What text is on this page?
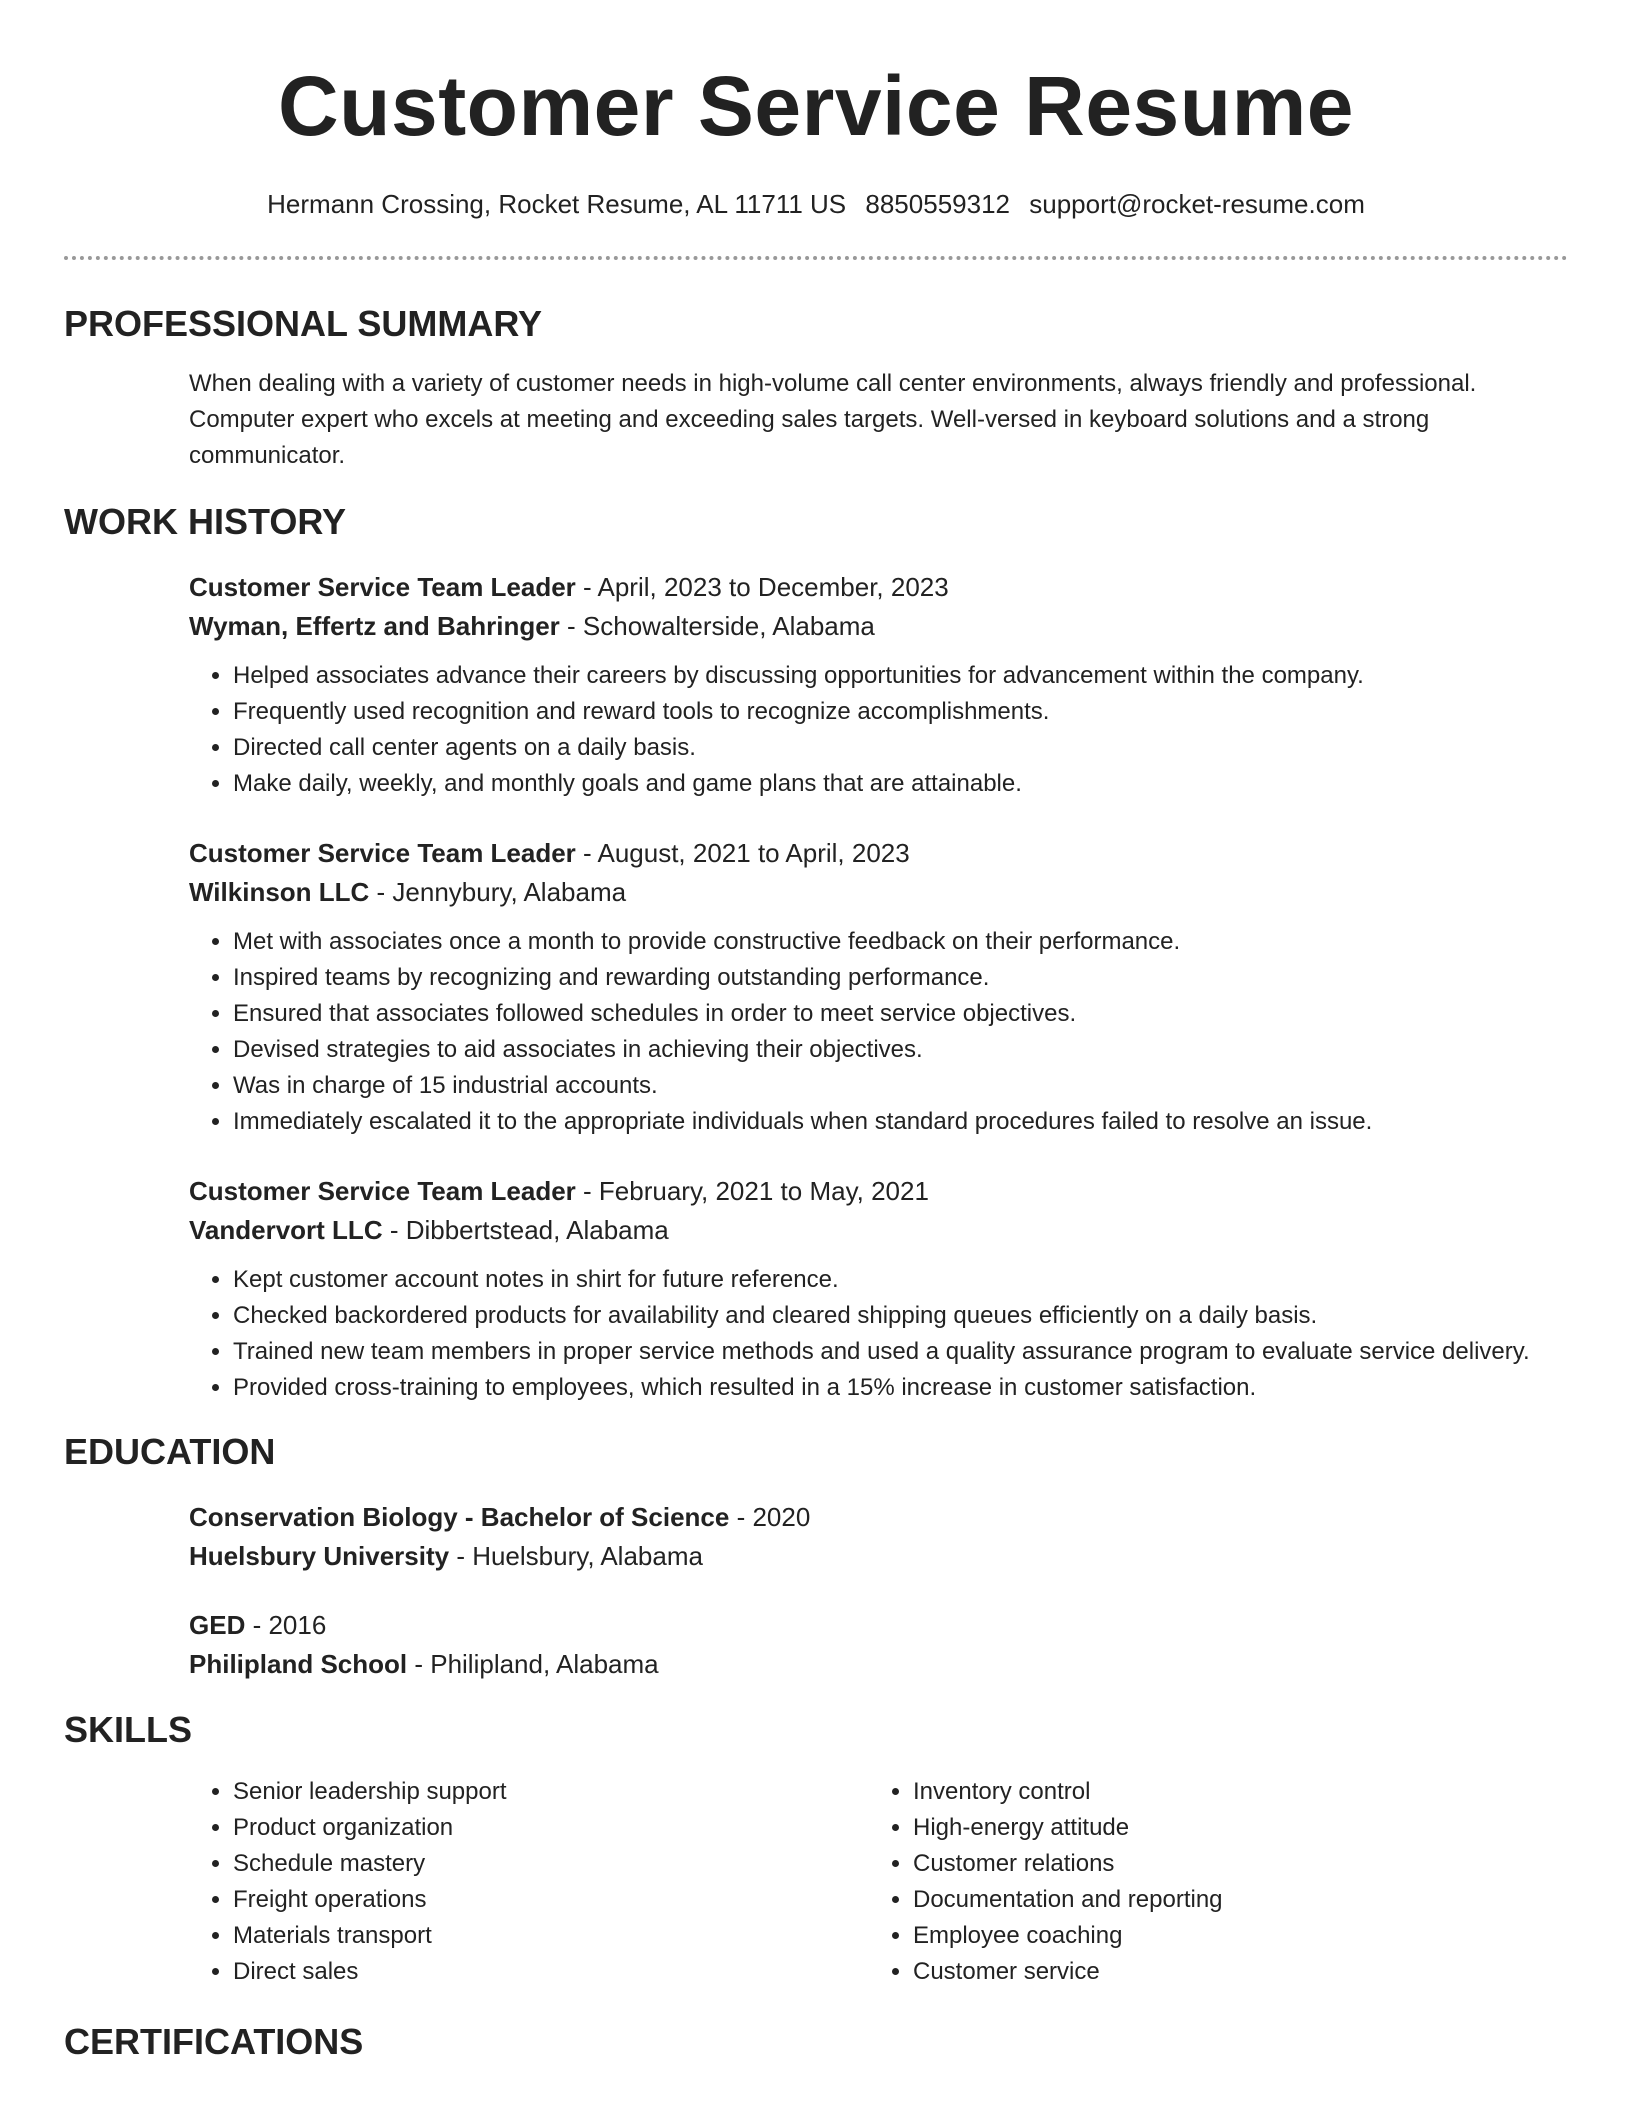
Customer Service Resume
Hermann Crossing, Rocket Resume, AL 11711 US 8850559312 support@rocket-resume.com
PROFESSIONAL SUMMARY

When dealing with a variety of customer needs in high-volume call center environments, always friendly and professional. Computer expert who excels at meeting and exceeding sales targets. Well-versed in keyboard solutions and a strong communicator.

WORK HISTORY
Customer Service Team Leader - April, 2023 to December, 2023
Wyman, Effertz and Bahringer - Schowalterside, Alabama
• Helped associates advance their careers by discussing opportunities for advancement within the company.
• Frequently used recognition and reward tools to recognize accomplishments.
• Directed call center agents on a daily basis.
• Make daily, weekly, and monthly goals and game plans that are attainable.
Customer Service Team Leader - August, 2021 to April, 2023
Wilkinson LLC - Jennybury, Alabama
• Met with associates once a month to provide constructive feedback on their performance.
• Inspired teams by recognizing and rewarding outstanding performance.
• Ensured that associates followed schedules in order to meet service objectives.
• Devised strategies to aid associates in achieving their objectives.
• Was in charge of 15 industrial accounts.
• Immediately escalated it to the appropriate individuals when standard procedures failed to resolve an issue.
Customer Service Team Leader - February, 2021 to May, 2021
Vandervort LLC - Dibbertstead, Alabama
• Kept customer account notes in shirt for future reference.
• Checked backordered products for availability and cleared shipping queues efficiently on a daily basis.
• Trained new team members in proper service methods and used a quality assurance program to evaluate service delivery.
• Provided cross-training to employees, which resulted in a 15% increase in customer satisfaction.
EDUCATION
Conservation Biology - Bachelor of Science - 2020
Huelsbury University - Huelsbury, Alabama
GED - 2016
Philipland School - Philipland, Alabama
SKILLS
• Senior leadership support
• Product organization
• Schedule mastery
• Freight operations
• Materials transport
• Direct sales
• Inventory control
• High-energy attitude
• Customer relations
• Documentation and reporting
• Employee coaching
• Customer service
CERTIFICATIONS
